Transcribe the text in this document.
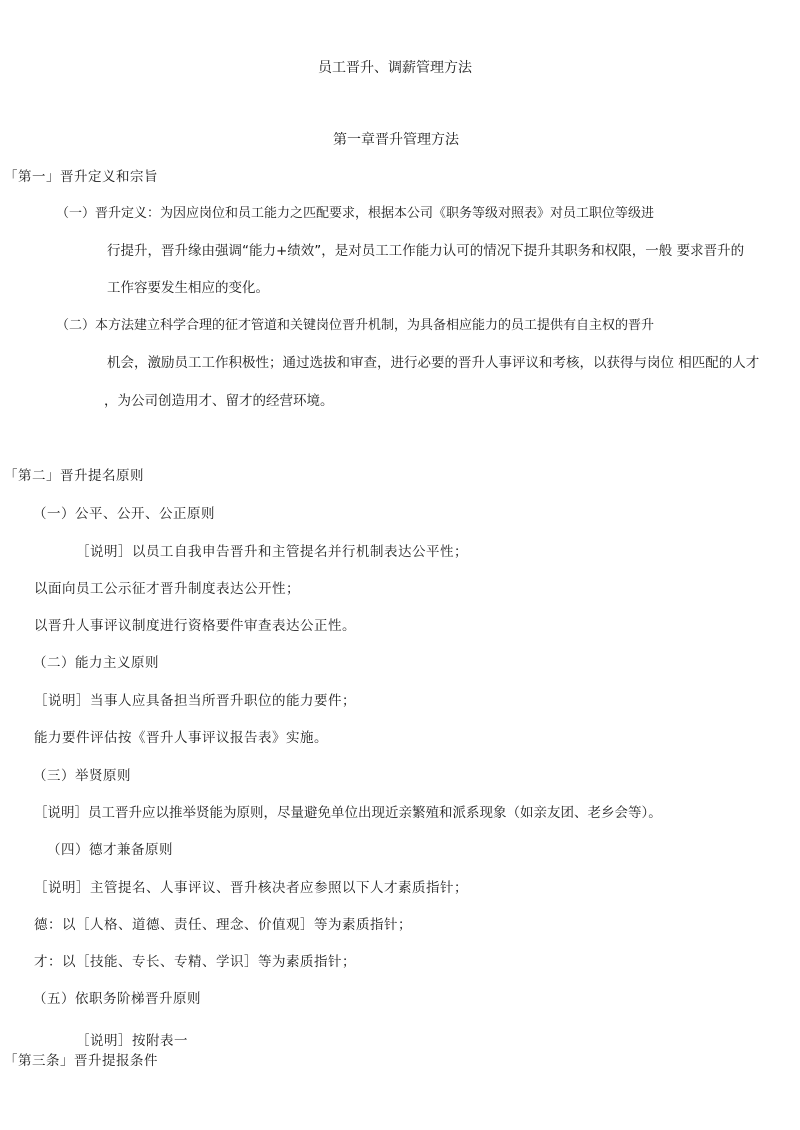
员工晋升、调薪管理方法
第一章晋升管理方法
「第一」晋升定义和宗旨
（一）晋升定义：为因应岗位和员工能力之匹配要求，根据本公司《职务等级对照表》对员工职位等级进
行提升，晋升缘由强调“能力+绩效”，是对员工工作能力认可的情况下提升其职务和权限，一般 要求晋升的
工作容要发生相应的变化。
（二）本方法建立科学合理的征才管道和关键岗位晋升机制，为具备相应能力的员工提供有自主权的晋升
机会，激励员工工作积极性；通过选拔和审查，进行必要的晋升人事评议和考核，以获得与岗位 相匹配的人才
，为公司创造用才、留才的经营环境。
「第二」晋升提名原则
（一）公平、公开、公正原则
［说明］以员工自我申告晋升和主管提名并行机制表达公平性；
以面向员工公示征才晋升制度表达公开性；
以晋升人事评议制度进行资格要件审查表达公正性。
（二）能力主义原则
［说明］当事人应具备担当所晋升职位的能力要件；
能力要件评估按《晋升人事评议报告表》实施。
（三）举贤原则
［说明］员工晋升应以推举贤能为原则，尽量避免单位出现近亲繁殖和派系现象（如亲友团、老乡会等）。
（四）德才兼备原则
［说明］主管提名、人事评议、晋升核决者应参照以下人才素质指针；
德：以［人格、道德、责任、理念、价值观］等为素质指针；
才：以［技能、专长、专精、学识］等为素质指针；
（五）依职务阶梯晋升原则
［说明］按附表一
「第三条」晋升提报条件
